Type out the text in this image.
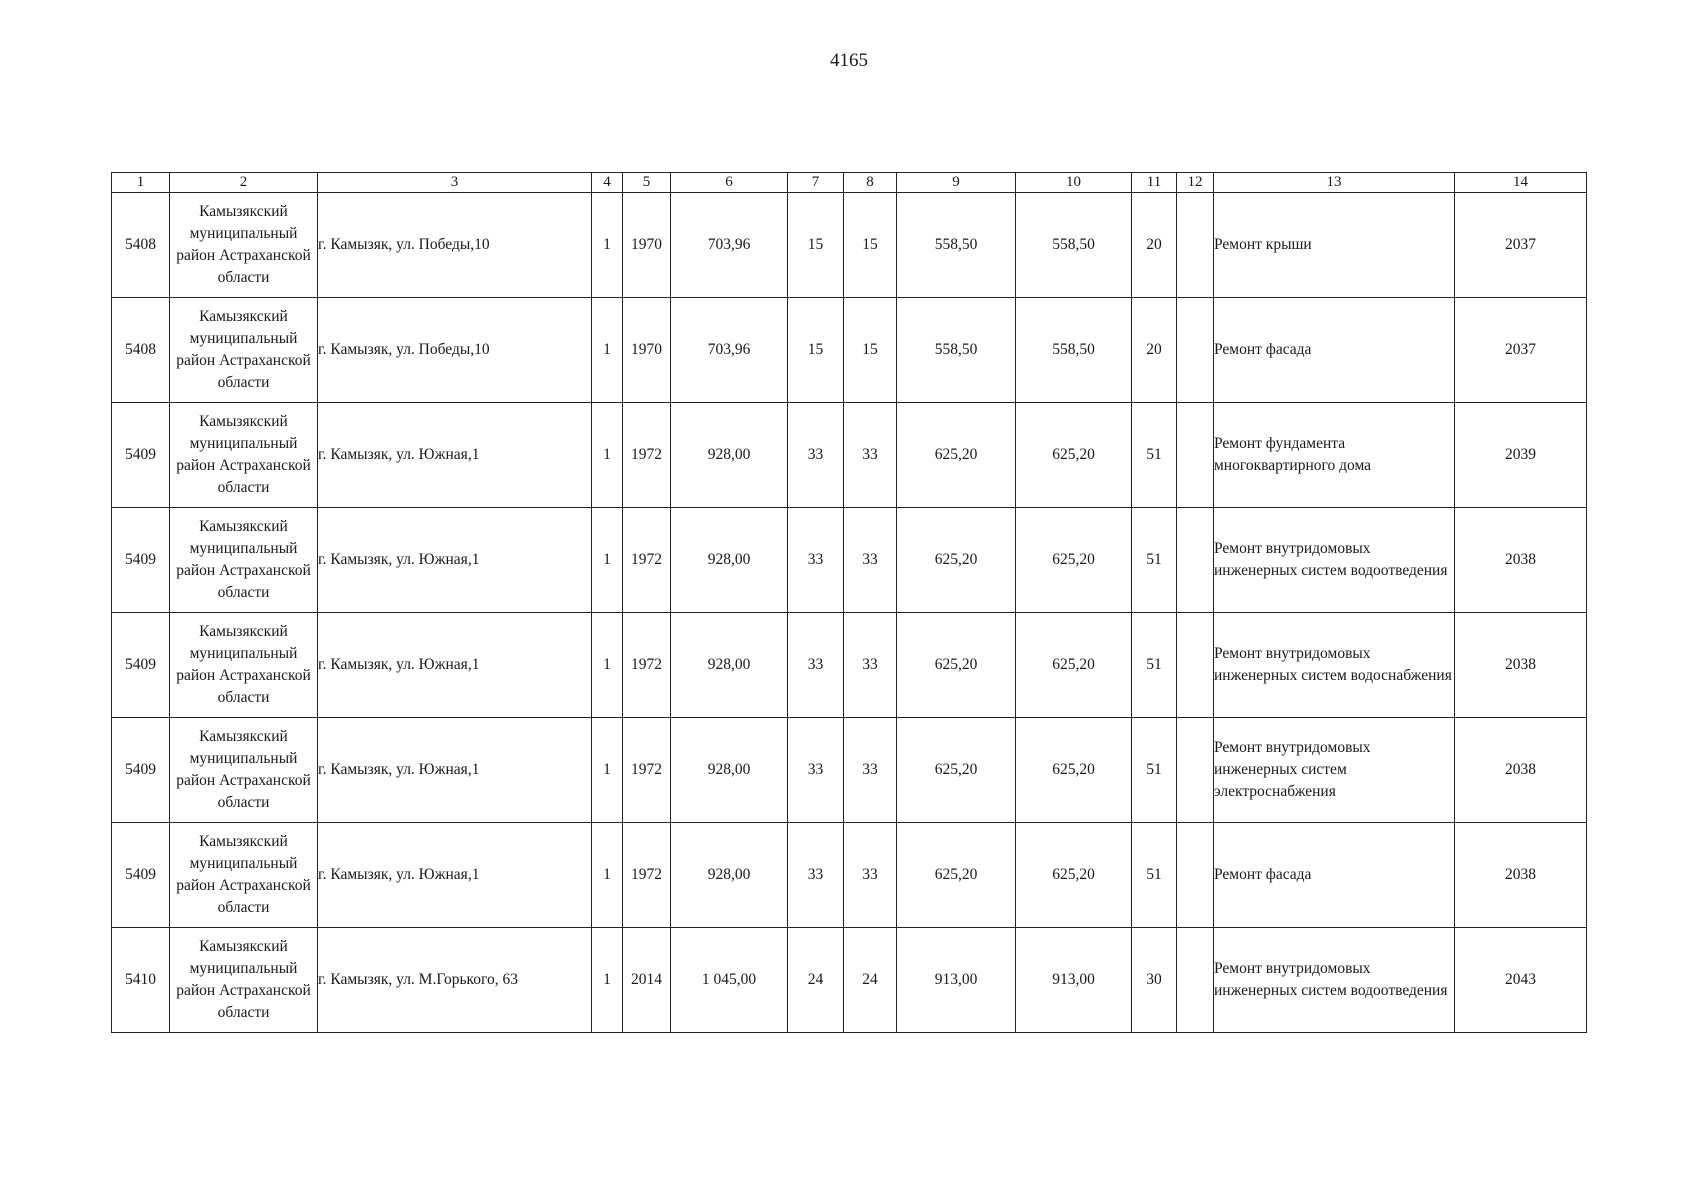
4165
1	2	3	4	5	6	7	8	9	10	11	12	13	14
5408	Камызякский муниципальный район Астраханской области	г. Камызяк, ул. Победы,10	1	1970	703,96	15	15	558,50	558,50	20		Ремонт крыши	2037
5408	Камызякский муниципальный район Астраханской области	г. Камызяк, ул. Победы,10	1	1970	703,96	15	15	558,50	558,50	20		Ремонт фасада	2037
5409	Камызякский муниципальный район Астраханской области	г. Камызяк, ул. Южная,1	1	1972	928,00	33	33	625,20	625,20	51		Ремонт фундамента многоквартирного дома	2039
5409	Камызякский муниципальный район Астраханской области	г. Камызяк, ул. Южная,1	1	1972	928,00	33	33	625,20	625,20	51		Ремонт внутридомовых инженерных систем водоотведения	2038
5409	Камызякский муниципальный район Астраханской области	г. Камызяк, ул. Южная,1	1	1972	928,00	33	33	625,20	625,20	51		Ремонт внутридомовых инженерных систем водоснабжения	2038
5409	Камызякский муниципальный район Астраханской области	г. Камызяк, ул. Южная,1	1	1972	928,00	33	33	625,20	625,20	51		Ремонт внутридомовых инженерных систем электроснабжения	2038
5409	Камызякский муниципальный район Астраханской области	г. Камызяк, ул. Южная,1	1	1972	928,00	33	33	625,20	625,20	51		Ремонт фасада	2038
5410	Камызякский муниципальный район Астраханской области	г. Камызяк, ул. М.Горького, 63	1	2014	1 045,00	24	24	913,00	913,00	30		Ремонт внутридомовых инженерных систем водоотведения	2043
